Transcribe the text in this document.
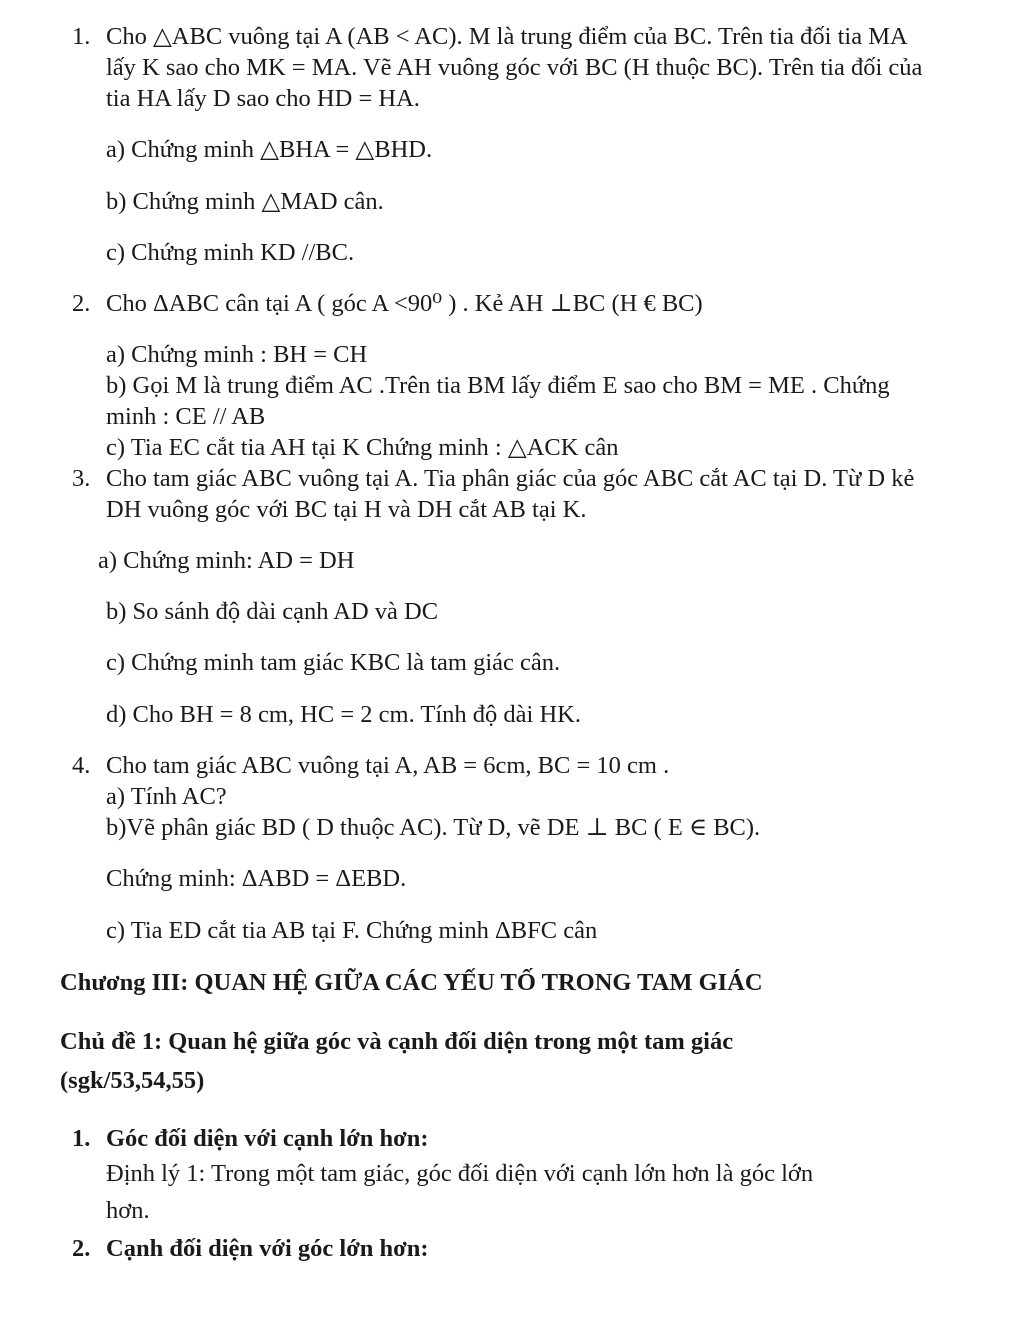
1. Cho △ABC vuông tại A (AB < AC). M là trung điểm của BC. Trên tia đối tia MA
lấy K sao cho MK = MA. Vẽ AH vuông góc với BC (H thuộc BC). Trên tia đối của
tia HA lấy D sao cho HD = HA.
a) Chứng minh △BHA = △BHD.
b) Chứng minh △MAD cân.
c) Chứng minh KD //BC.
2. Cho ΔABC cân tại A ( góc A <90⁰ ) . Kẻ AH ⊥BC (H € BC)
a) Chứng minh : BH = CH
b) Gọi M là trung điểm AC .Trên tia BM lấy điểm E sao cho BM = ME . Chứng
minh : CE // AB
c) Tia EC cắt tia AH tại K Chứng minh : △ACK cân
3. Cho tam giác ABC vuông tại A. Tia phân giác của góc ABC cắt AC tại D. Từ D kẻ
DH vuông góc với BC tại H và DH cắt AB tại K.
a) Chứng minh: AD = DH
b) So sánh độ dài cạnh AD và DC
c) Chứng minh tam giác KBC là tam giác cân.
d) Cho BH = 8 cm, HC = 2 cm. Tính độ dài HK.
4. Cho tam giác ABC vuông tại A, AB = 6cm, BC = 10 cm .
a) Tính AC?
b)Vẽ phân giác BD ( D thuộc AC). Từ D, vẽ DE ⊥ BC ( E ∈ BC).
Chứng minh: ΔABD = ΔEBD.
c) Tia ED cắt tia AB tại F. Chứng minh ΔBFC cân
Chương III: QUAN HỆ GIỮA CÁC YẾU TỐ TRONG TAM GIÁC
Chủ đề 1: Quan hệ giữa góc và cạnh đối diện trong một tam giác
(sgk/53,54,55)
1. Góc đối diện với cạnh lớn hơn:
Định lý 1: Trong một tam giác, góc đối diện với cạnh lớn hơn là góc lớn
hơn.
2. Cạnh đối diện với góc lớn hơn:
